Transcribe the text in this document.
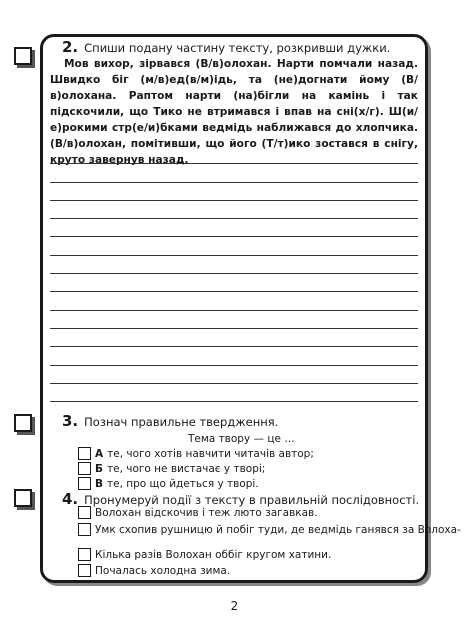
2. Спиши подану частину тексту, розкривши дужки.
Мов вихор, зірвався (В/в)олохан. Нарти помчали назад. Швидко біг (м/в)ед(в/м)ідь, та (не)догнати йому (В/в)олохана. Раптом нарти (на)бігли на камінь і так підскочили, що Тико не втримався і впав на сні(х/г). Ш(и/е)рокими стр(е/и)бками ведмідь наближався до хлопчика. (В/в)олохан, помітивши, що його (Т/т)ико зостався в снігу, круто завернув назад.
3. Познач правильне твердження.
Тема твору — це …
А те, чого хотів навчити читачів автор;
Б те, чого не вистачає у творі;
В те, про що йдеться у творі.
4. Пронумеруй події з тексту в правильній послідовності.
Волохан відскочив і теж люто загавкав.
Умк схопив рушницю й побіг туди, де ведмідь ганявся за Волоха-
Кілька разів Волохан оббіг кругом хатини.
Почалась холодна зима.
2
